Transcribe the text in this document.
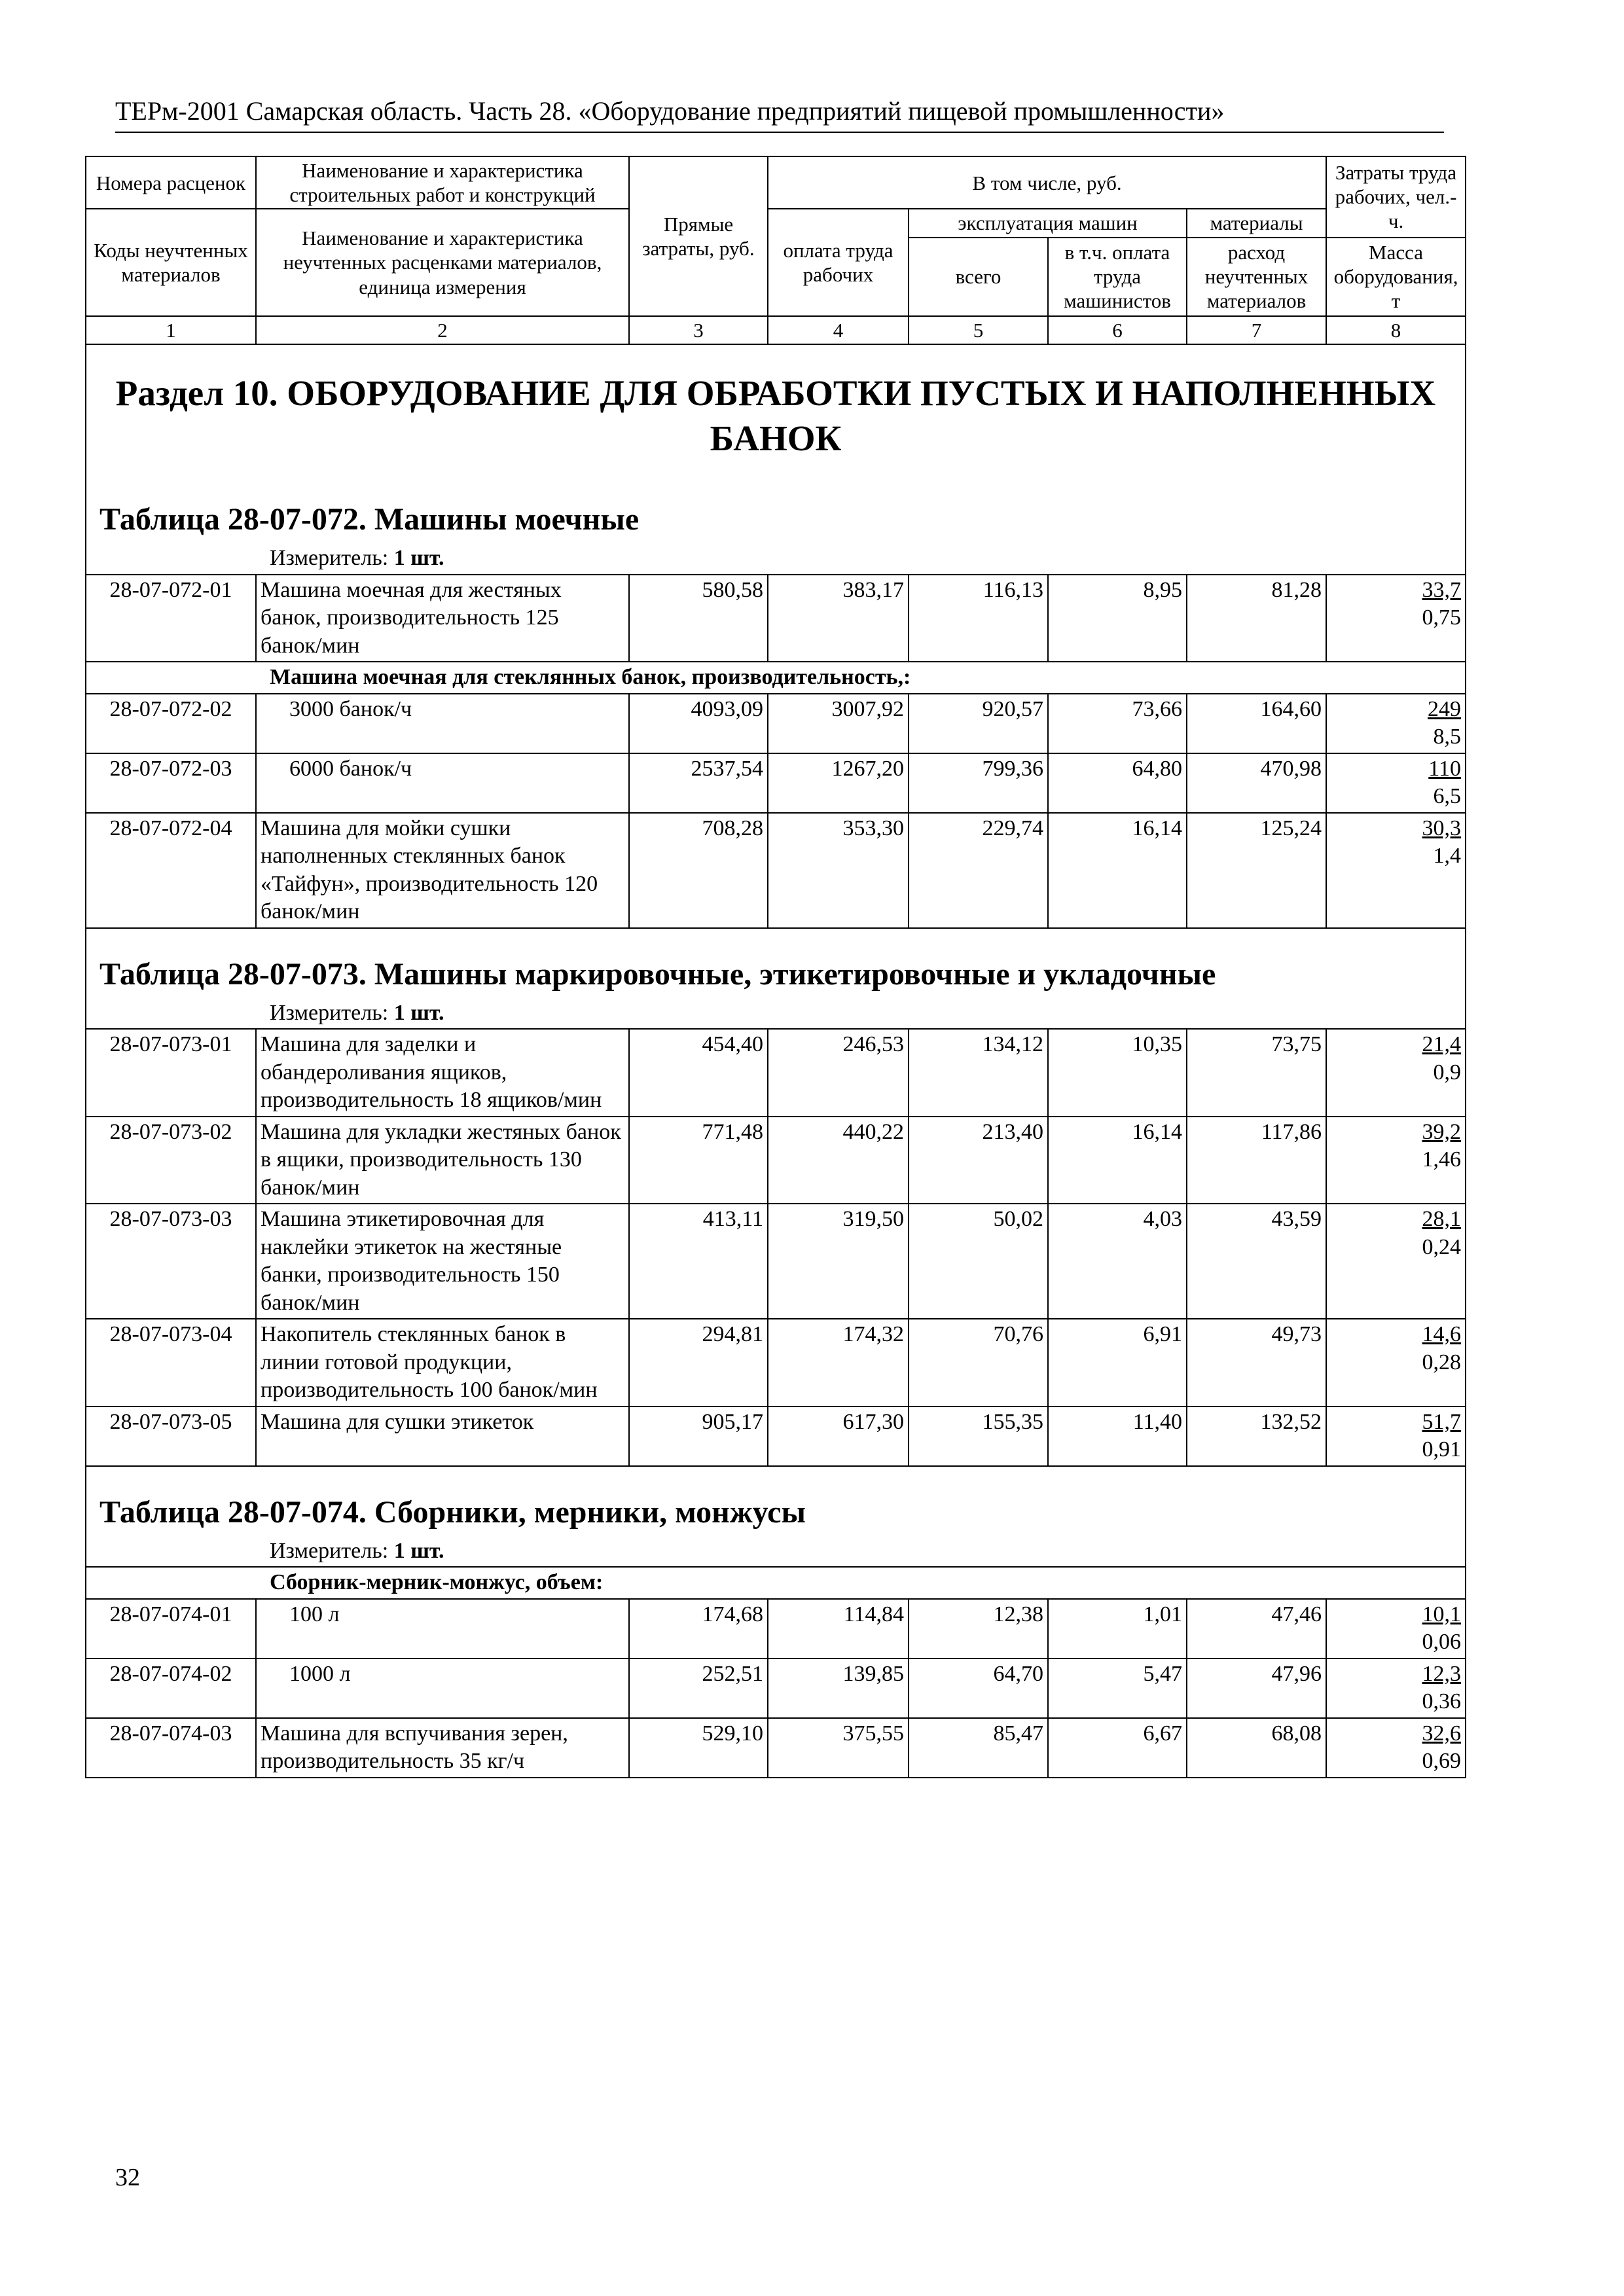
ТЕРм-2001 Самарская область. Часть 28. «Оборудование предприятий пищевой промышленности»
Номера расценок	Наименование и характеристика строительных работ и конструкций	Прямые затраты, руб.	В том числе, руб.				Затраты труда рабочих, чел.-ч.
Коды неучтенных материалов	Наименование и характеристика неучтенных расценками материалов, единица измерения		оплата труда рабочих	эксплуатация машин		материалы	
				всего	в т.ч. оплата труда машинистов	расход неучтенных материалов	Масса оборудования, т
1	2	3	4	5	6	7	8
Раздел 10. ОБОРУДОВАНИЕ ДЛЯ ОБРАБОТКИ ПУСТЫХ И НАПОЛНЕННЫХ БАНОК							
Таблица 28-07-072. Машины моечные							
Измеритель: 1 шт.							
28-07-072-01	Машина моечная для жестяных банок, производительность 125 банок/мин	580,58	383,17	116,13	8,95	81,28	33,7
0,75
Машина моечная для стеклянных банок, производительность,:							
28-07-072-02	3000 банок/ч	4093,09	3007,92	920,57	73,66	164,60	249
8,5
28-07-072-03	6000 банок/ч	2537,54	1267,20	799,36	64,80	470,98	110
6,5
28-07-072-04	Машина для мойки сушки наполненных стеклянных банок «Тайфун», производительность 120 банок/мин	708,28	353,30	229,74	16,14	125,24	30,3
1,4
Таблица 28-07-073. Машины маркировочные, этикетировочные и укладочные							
Измеритель: 1 шт.							
28-07-073-01	Машина для заделки и обандероливания ящиков, производительность 18 ящиков/мин	454,40	246,53	134,12	10,35	73,75	21,4
0,9
28-07-073-02	Машина для укладки жестяных банок в ящики, производительность 130 банок/мин	771,48	440,22	213,40	16,14	117,86	39,2
1,46
28-07-073-03	Машина этикетировочная для наклейки этикеток на жестяные банки, производительность 150 банок/мин	413,11	319,50	50,02	4,03	43,59	28,1
0,24
28-07-073-04	Накопитель стеклянных банок в линии готовой продукции, производительность 100 банок/мин	294,81	174,32	70,76	6,91	49,73	14,6
0,28
28-07-073-05	Машина для сушки этикеток	905,17	617,30	155,35	11,40	132,52	51,7
0,91
Таблица 28-07-074. Сборники, мерники, монжусы							
Измеритель: 1 шт.							
Сборник-мерник-монжус, объем:							
28-07-074-01	100 л	174,68	114,84	12,38	1,01	47,46	10,1
0,06
28-07-074-02	1000 л	252,51	139,85	64,70	5,47	47,96	12,3
0,36
28-07-074-03	Машина для вспучивания зерен, производительность 35 кг/ч	529,10	375,55	85,47	6,67	68,08	32,6
0,69
32
